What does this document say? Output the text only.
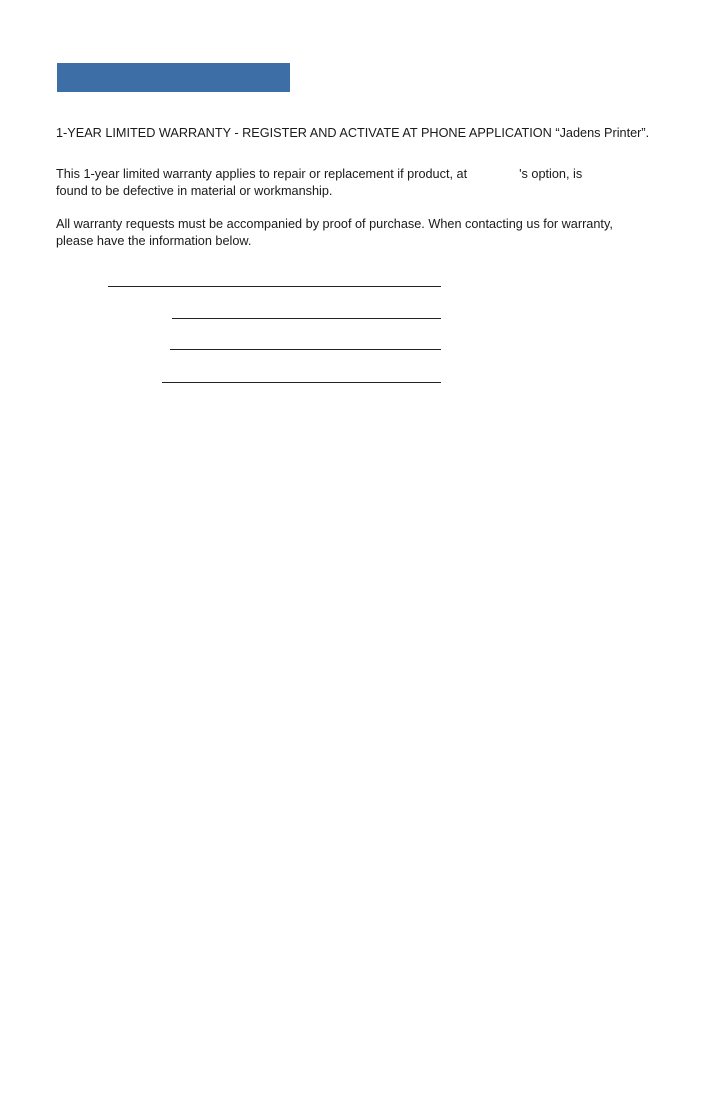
1-YEAR LIMITED WARRANTY - REGISTER AND ACTIVATE AT PHONE APPLICATION “Jadens Printer”.
This 1-year limited warranty applies to repair or replacement if product, at	's option, is
found to be defective in material or workmanship.
All warranty requests must be accompanied by proof of purchase. When contacting us for warranty,
please have the information below.
